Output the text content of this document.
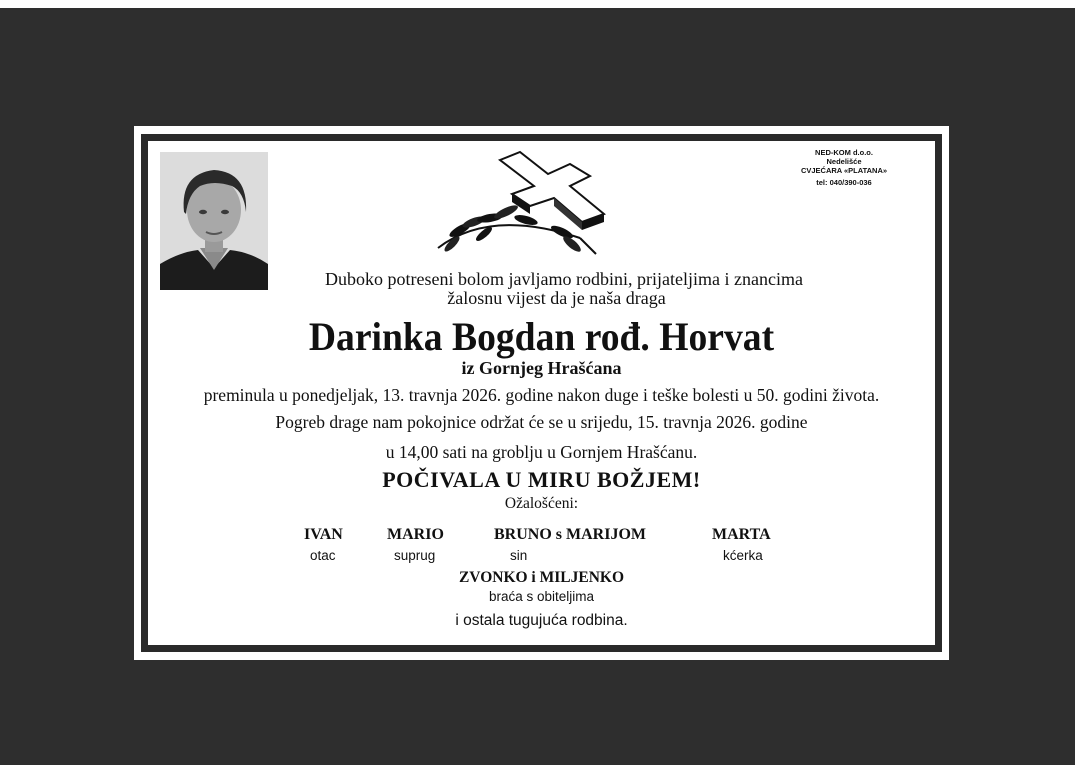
NED-KOM d.o.o.
Nedelišće
CVJEĆARA «PLATANA»
tel: 040/390-036
Duboko potreseni bolom javljamo rodbini, prijateljima i znancima
žalosnu vijest da je naša draga
Darinka Bogdan rođ. Horvat
iz Gornjeg Hrašćana
preminula u ponedjeljak, 13. travnja 2026. godine nakon duge i teške bolesti u 50. godini života.
Pogreb drage nam pokojnice održat će se u srijedu, 15. travnja 2026. godine
u 14,00 sati na groblju u Gornjem Hrašćanu.
POČIVALA U MIRU BOŽJEM!
Ožalošćeni:
IVAN
otac
MARIO
suprug
BRUNO s MARIJOM
sin
MARTA
kćerka
ZVONKO i MILJENKO
braća s obiteljima
i ostala tugujuća rodbina.
